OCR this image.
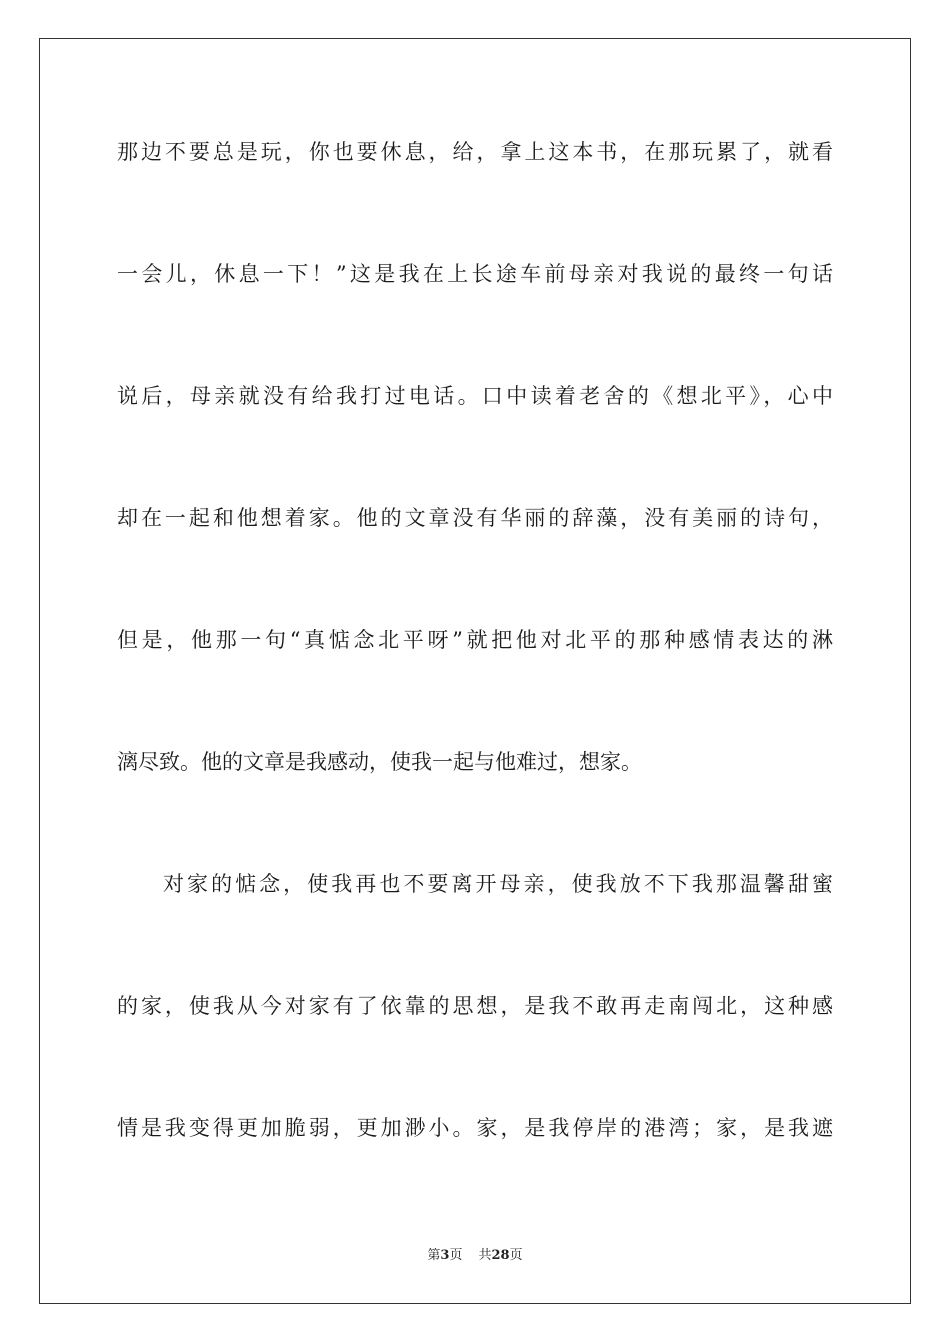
那边不要总是玩，你也要休息，给，拿上这本书，在那玩累了，就看
一会儿，休息一下！”这是我在上长途车前母亲对我说的最终一句话
说后，母亲就没有给我打过电话。口中读着老舍的《想北平》，心中
却在一起和他想着家。他的文章没有华丽的辞藻，没有美丽的诗句，
但是，他那一句“真惦念北平呀”就把他对北平的那种感情表达的淋
漓尽致。他的文章是我感动，使我一起与他难过，想家。
对家的惦念，使我再也不要离开母亲，使我放不下我那温馨甜蜜
的家，使我从今对家有了依靠的思想，是我不敢再走南闯北，这种感
情是我变得更加脆弱，更加渺小。家，是我停岸的港湾；家，是我遮
第3页 共28页
